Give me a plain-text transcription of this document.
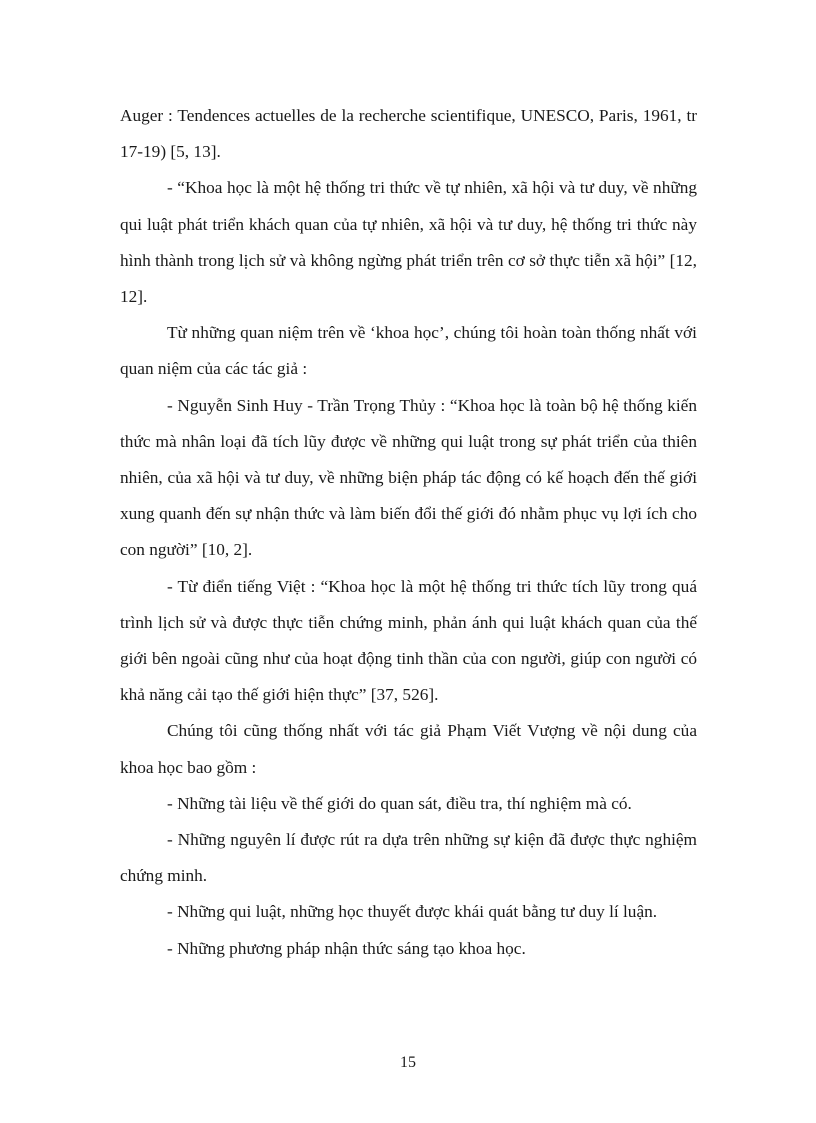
Auger : Tendences actuelles de la recherche scientifique, UNESCO, Paris, 1961, tr 17-19) [5, 13].

- “Khoa học là một hệ thống tri thức về tự nhiên, xã hội và tư duy, về những qui luật phát triển khách quan của tự nhiên, xã hội và tư duy, hệ thống tri thức này hình thành trong lịch sử và không ngừng phát triển trên cơ sở thực tiễn xã hội” [12, 12].

Từ những quan niệm trên về ‘khoa học’, chúng tôi hoàn toàn thống nhất với quan niệm của các tác giả :

- Nguyễn Sinh Huy - Trần Trọng Thủy : “Khoa học là toàn bộ hệ thống kiến thức mà nhân loại đã tích lũy được về những qui luật trong sự phát triển của thiên nhiên, của xã hội và tư duy, về những biện pháp tác động có kế hoạch đến thế giới xung quanh đến sự nhận thức và làm biến đổi thế giới đó nhằm phục vụ lợi ích cho con người” [10, 2].

- Từ điển tiếng Việt : “Khoa học là một hệ thống tri thức tích lũy trong quá trình lịch sử và được thực tiễn chứng minh, phản ánh qui luật khách quan của thế giới bên ngoài cũng như của hoạt động tinh thần của con người, giúp con người có khả năng cải tạo thế giới hiện thực” [37, 526].

Chúng tôi cũng thống nhất với tác giả Phạm Viết Vượng về nội dung của khoa học bao gồm :

- Những tài liệu về thế giới do quan sát, điều tra, thí nghiệm mà có.

- Những nguyên lí được rút ra dựa trên những sự kiện đã được thực nghiệm chứng minh.

- Những qui luật, những học thuyết được khái quát bằng tư duy lí luận.

- Những phương pháp nhận thức sáng tạo khoa học.

15
